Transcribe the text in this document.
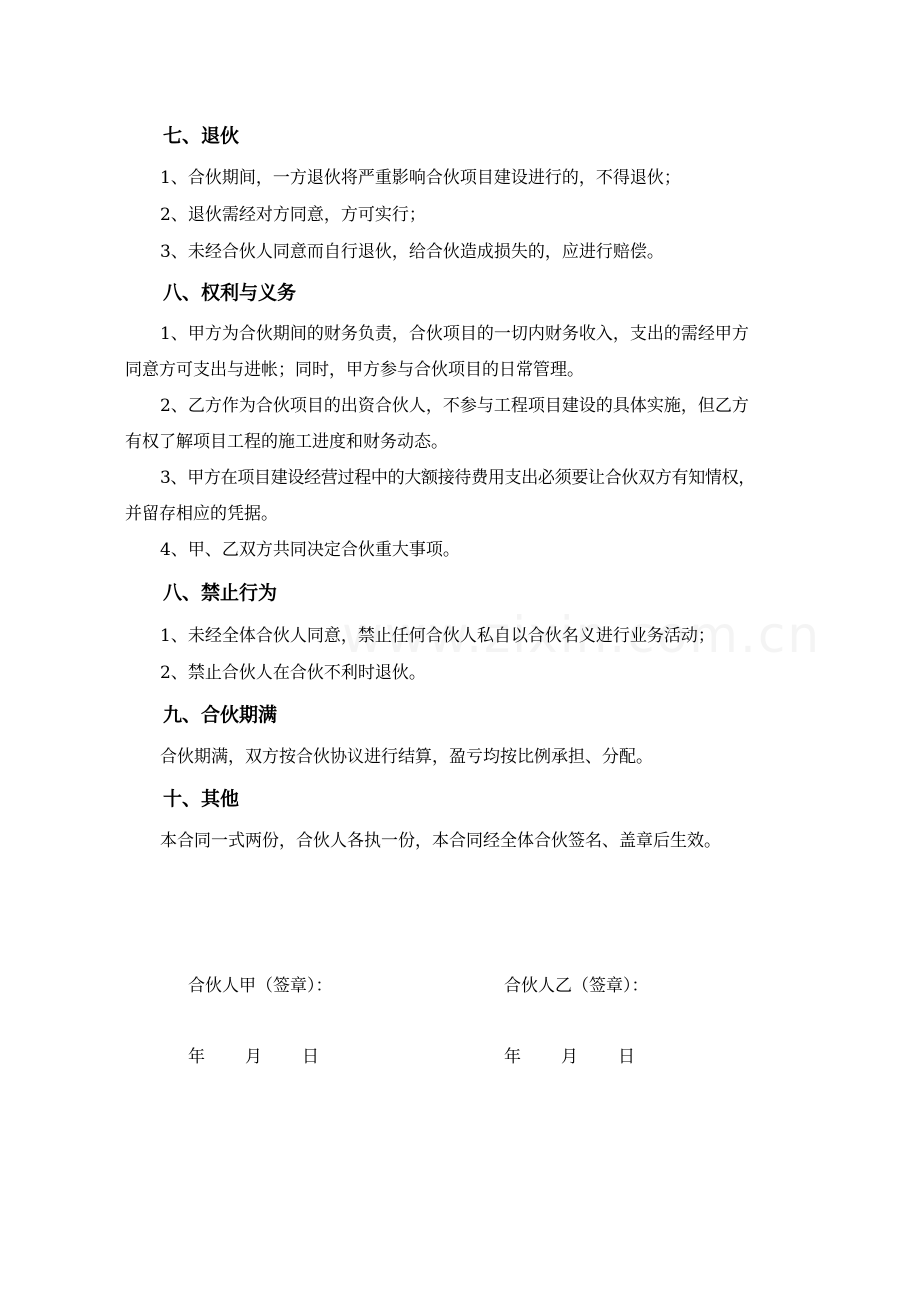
七、退伙

1、合伙期间，一方退伙将严重影响合伙项目建设进行的，不得退伙；

2、退伙需经对方同意，方可实行；

3、未经合伙人同意而自行退伙，给合伙造成损失的，应进行赔偿。

八、权利与义务
1、甲方为合伙期间的财务负责，合伙项目的一切内财务收入，支出的需经甲方
同意方可支出与进帐；同时，甲方参与合伙项目的日常管理。
2、乙方作为合伙项目的出资合伙人，不参与工程项目建设的具体实施，但乙方
有权了解项目工程的施工进度和财务动态。
3、甲方在项目建设经营过程中的大额接待费用支出必须要让合伙双方有知情权，
并留存相应的凭据。

4、甲、乙双方共同决定合伙重大事项。

八、禁止行为

1、未经全体合伙人同意，禁止任何合伙人私自以合伙名义进行业务活动；

2、禁止合伙人在合伙不利时退伙。

九、合伙期满

合伙期满，双方按合伙协议进行结算，盈亏均按比例承担、分配。

十、其他

本合同一式两份，合伙人各执一份，本合同经全体合伙签名、盖章后生效。

合伙人甲（签章）：	合伙人乙（签章）：
年 月 日	年 月 日
